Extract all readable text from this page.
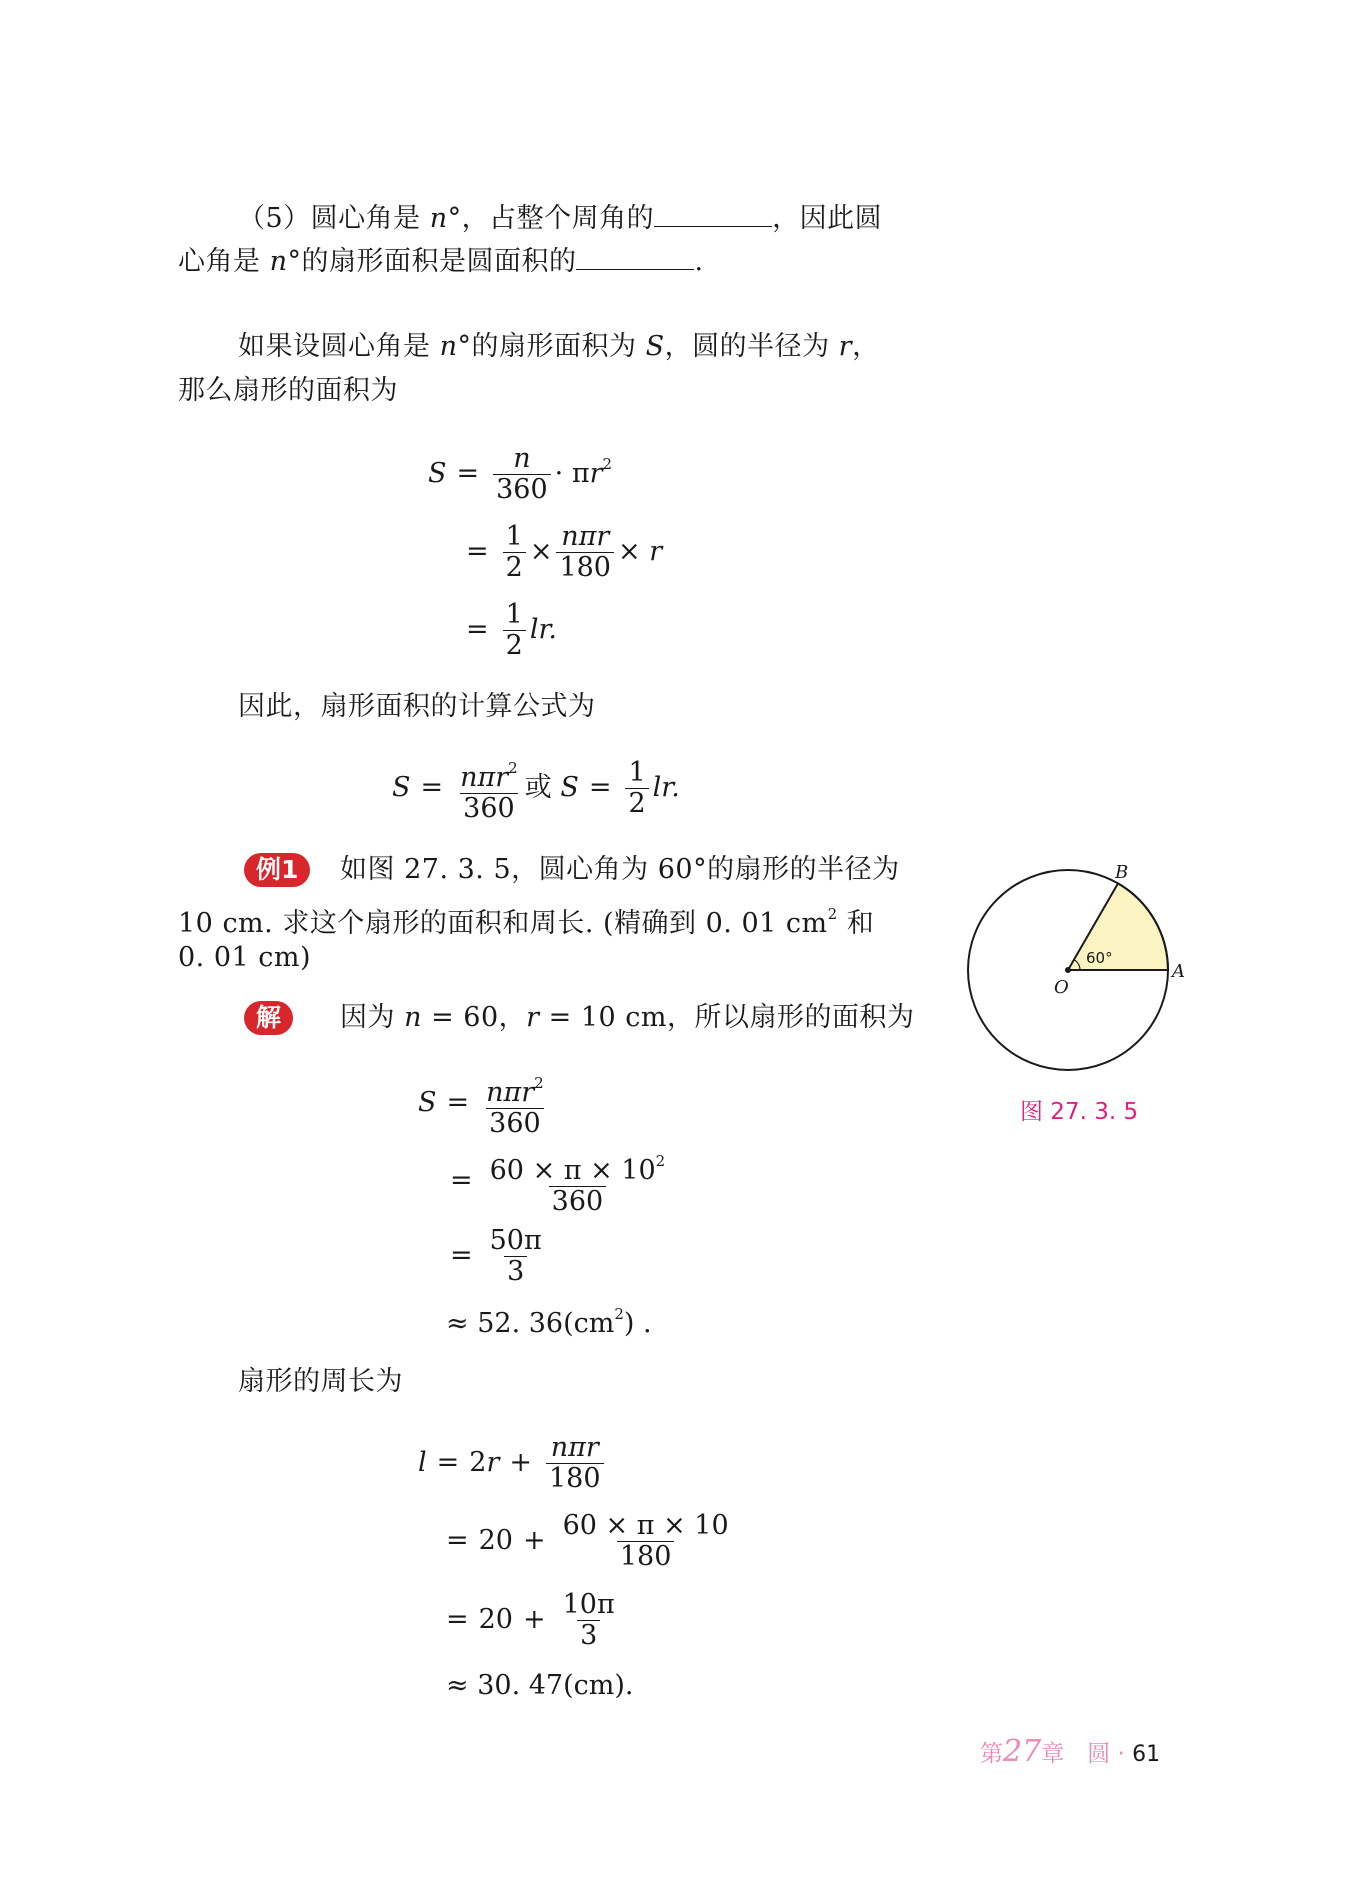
（5）圆心角是 n°，占整个周角的	，因此圆
心角是 n°的扇形面积是圆面积的	.
如果设圆心角是 n°的扇形面积为 S，圆的半径为 r，
那么扇形的面积为
$S = \frac{n}{360} \cdot \pi r^2$
= $\frac{1}{2} \times \frac{\text{nπr}}{180} \times r$
= $\frac{1}{2}$ lr.
因此，扇形面积的计算公式为
$S = \frac{n\pi r^2}{360}$ 或 $S = \frac{1}{2}$ lr.
例1	如图 27. 3. 5，圆心角为 60°的扇形的半径为
10 cm. 求这个扇形的面积和周长. (精确到 0. 01 $cm^2$ 和
0. 01 cm)
解	因为 n = 60，r = 10 cm，所以扇形的面积为
$S = \frac{n\pi r^2}{360}$
= $\frac{60 \times \pi \times 10^2}{360}$
= $\frac{50\pi}{3}$
≈ 52. $36(cm^2)$ .
扇形的周长为
$l = 2r + \frac{\text{nπr}}{180}$
= $20 + \frac{60 \times \pi \times 10}{180}$
= $20 + \frac{10\pi}{3}$
≈ 30. 47(cm).
60°
B
A
O
图 27. 3. 5
第27章　圆 · 61
